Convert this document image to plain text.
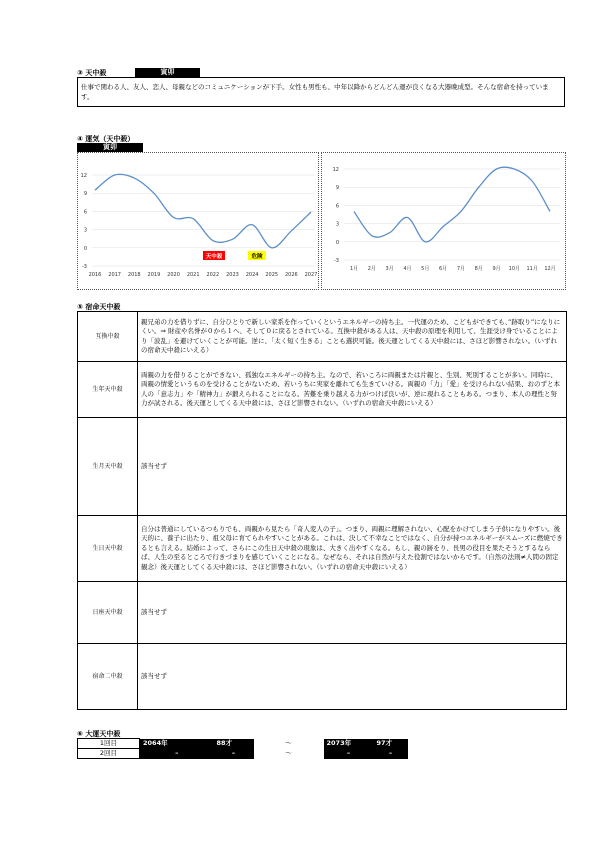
③ 天中殺	寅卯
仕事で関わる人、友人、恋人、母親などのコミュニケーションが下手。女性も男性も、中年以降からどんどん運が良くなる大器晩成型。そんな宿命を持っています。
④ 運気（天中殺）
寅卯
12
9
6
3
0
-3
2016 2017 2018 2019 2020 2021 2022 2023 2024 2025 2026 2027
天中殺	危険
12
9
6
3
0
-3
1月 2月 3月 4月 5月 6月 7月 8月 9月 10月 11月 12月
⑤ 宿命天中殺
互換中殺	親兄弟の力を借りずに、自分ひとりで新しい家系を作っていくというエネルギーの持ち主。一代運のため、こどもができても、”跡取り”になりにくい。⇒ 財産や名誉が０から１へ、そして０に戻るとされている。互換中殺がある人は、天中殺の原理を利用して、生涯受け身でいることにより「波乱」を避けていくことが可能。逆に、「太く短く生きる」ことも選択可能。後天運としてくる天中殺には、さほど影響されない。（いずれの宿命天中殺にいえる）
生年天中殺	両親の力を借りることができない、孤独なエネルギーの持ち主。なので、若いころに両親または片親と、生別、死別することが多い。同時に、両親の情愛というものを受けることがないため、若いうちに実家を離れても生きていける。両親の「力」「愛」を受けられない結果、おのずと本人の「意志力」や「精神力」が鍛えられることになる。苦難を乗り越える力がつけば良いが、逆に現れることもある。つまり、本人の理性と努力が試される。後天運としてくる天中殺には、さほど影響されない。（いずれの宿命天中殺にいえる）
生月天中殺	該当せず
生日天中殺	自分は普通にしているつもりでも、両親から見たら「奇人変人の子」。つまり、両親に理解されない、心配をかけてしまう子供になりやすい。後天的に、養子に出たり、祖父母に育てられやすいことがある。これは、決して不幸なことではなく、自分が持つエネルギーがスムーズに燃焼できるとも言える。結婚によって、さらにこの生日天中殺の現象は、大きく出やすくなる。もし、親の跡をり、長男の役目を果たそうとするならば、人生の至るところで行きづまりを感じていくことになる。なぜなら、それは自然が与えた役割ではないからです。（自然の法則≠人間の固定観念）後天運としてくる天中殺には、さほど影響されない。（いずれの宿命天中殺にいえる）
日座天中殺	該当せず
宿命二中殺	該当せず
⑥ 大運天中殺
1回目	2064年	88才	～	2073年	97才
2回目	–	–	～	–	–
